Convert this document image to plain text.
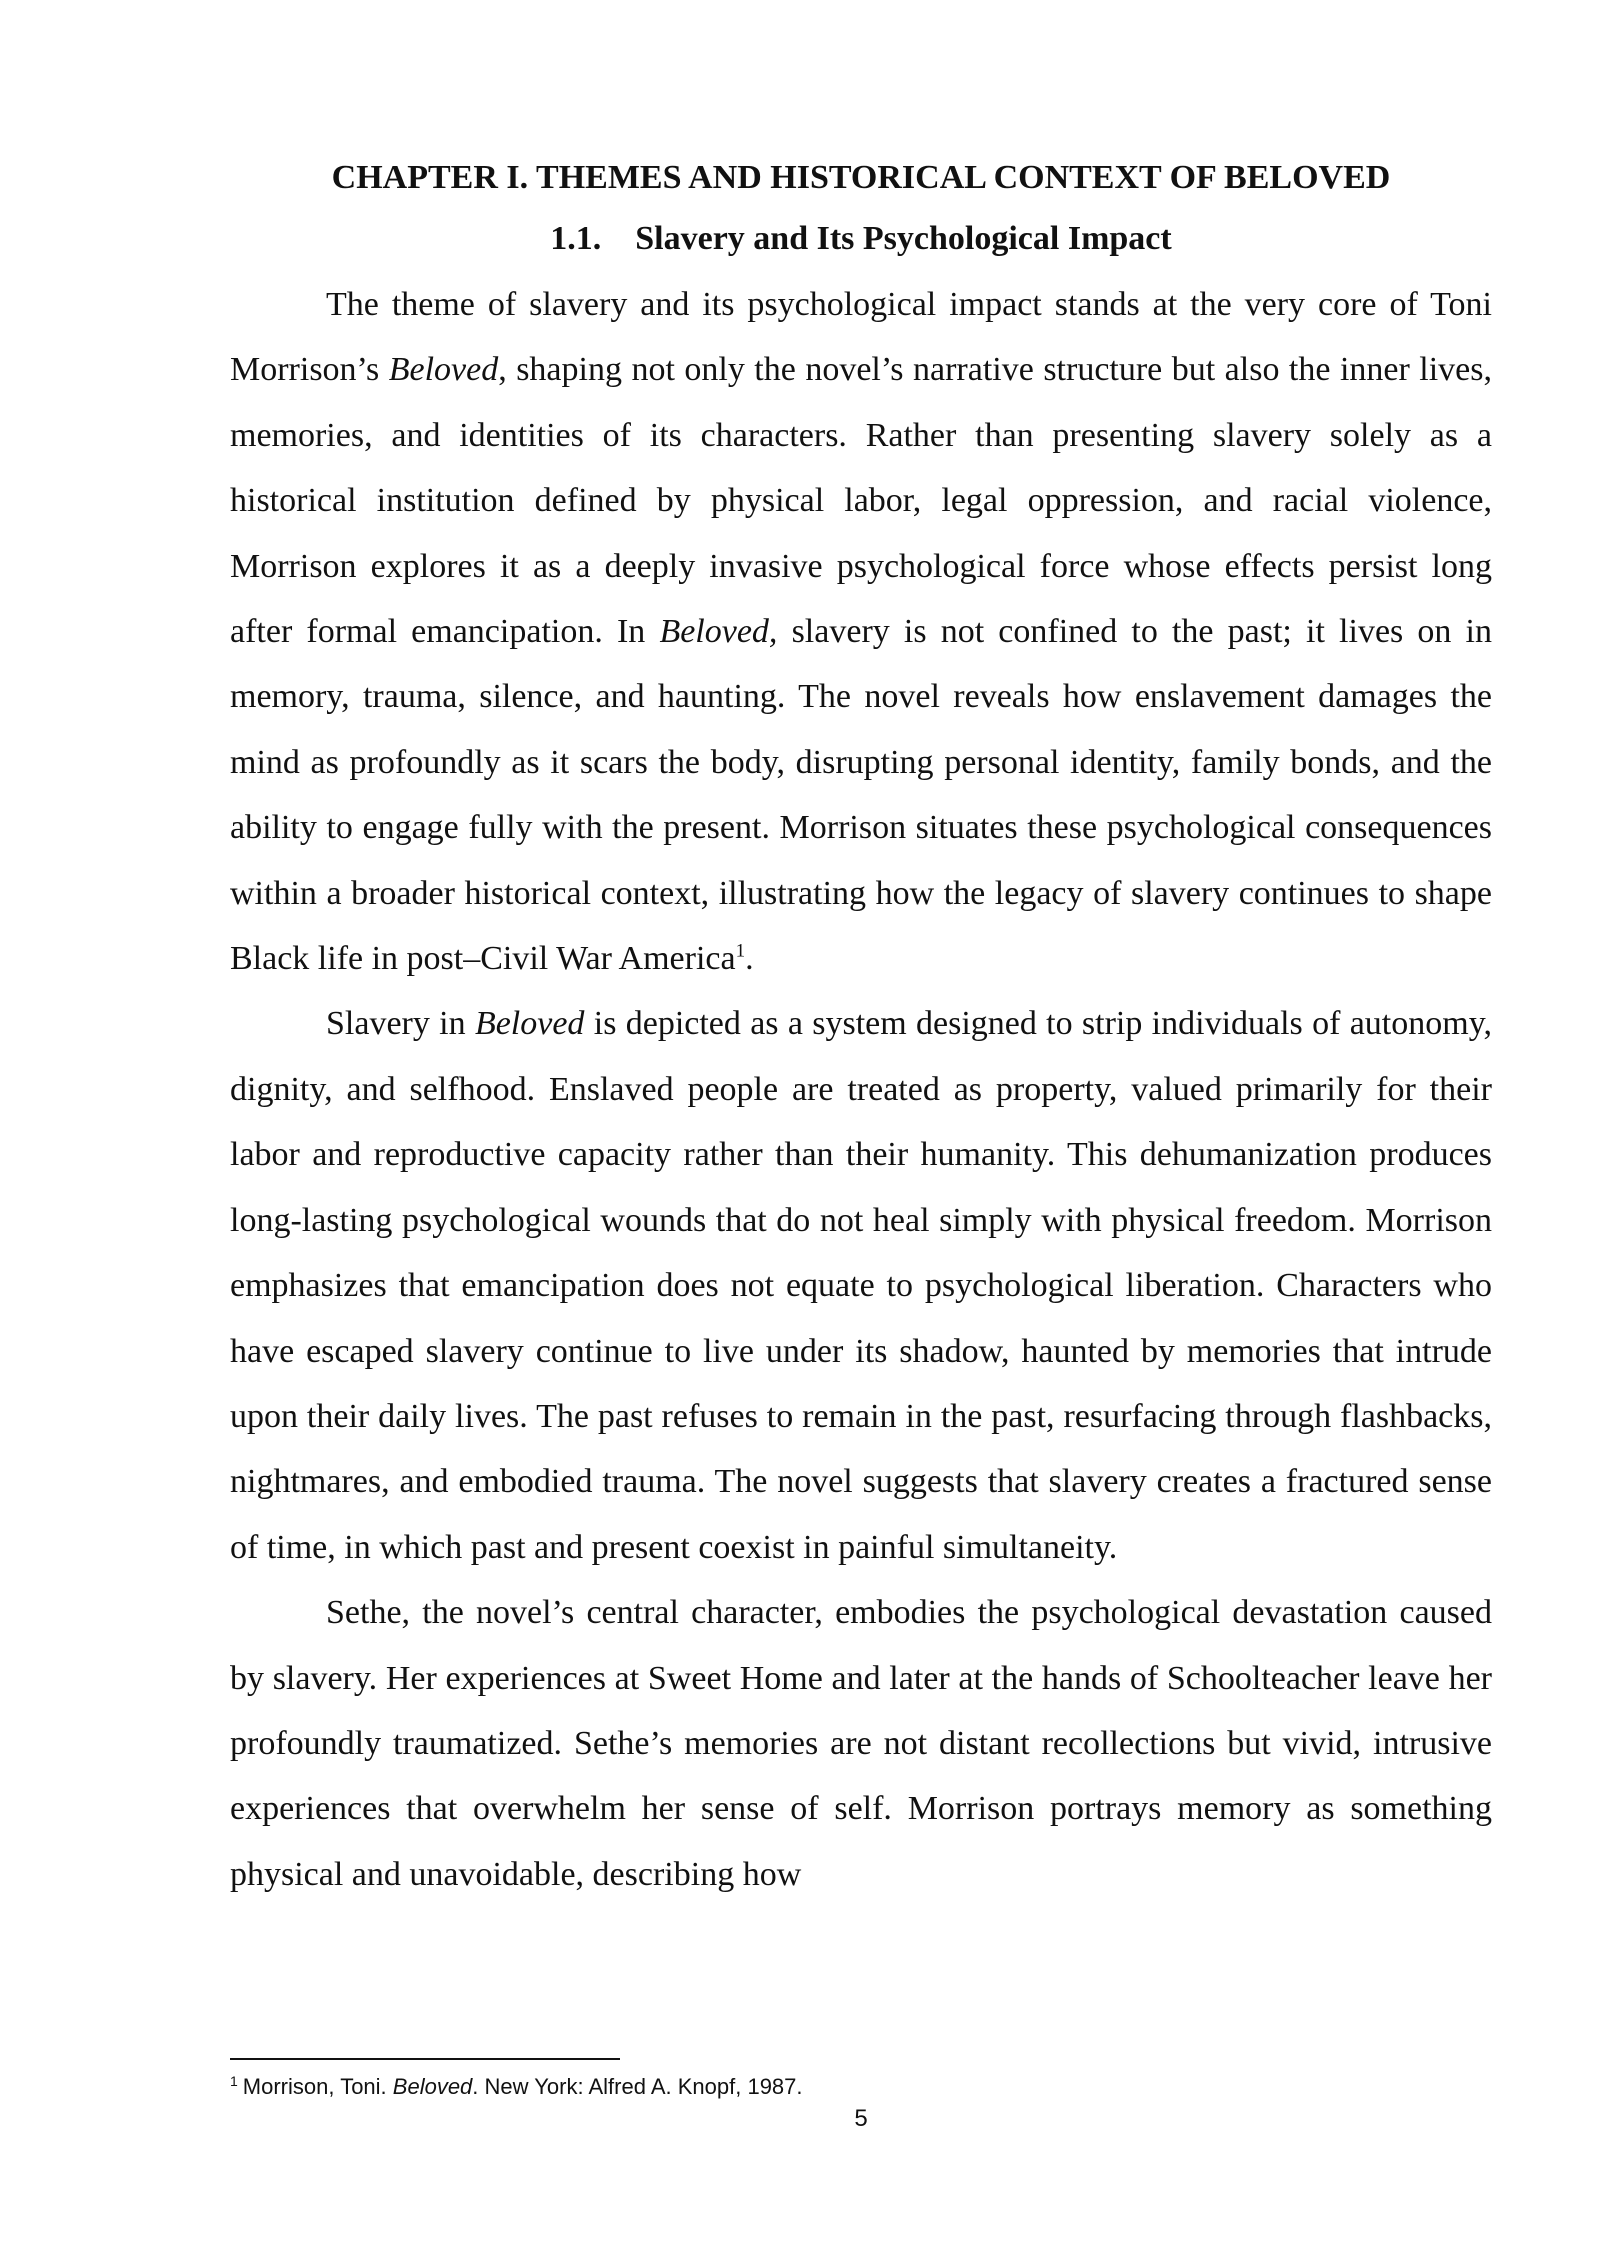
CHAPTER I. THEMES AND HISTORICAL CONTEXT OF BELOVED
1.1. Slavery and Its Psychological Impact

The theme of slavery and its psychological impact stands at the very core of Toni Morrison’s Beloved, shaping not only the novel’s narrative structure but also the inner lives, memories, and identities of its characters. Rather than presenting slavery solely as a historical institution defined by physical labor, legal oppression, and racial violence, Morrison explores it as a deeply invasive psychological force whose effects persist long after formal emancipation. In Beloved, slavery is not confined to the past; it lives on in memory, trauma, silence, and haunting. The novel reveals how enslavement damages the mind as profoundly as it scars the body, disrupting personal identity, family bonds, and the ability to engage fully with the present. Morrison situates these psychological consequences within a broader historical context, illustrating how the legacy of slavery continues to shape Black life in post–Civil War America$^1$.

Slavery in Beloved is depicted as a system designed to strip individuals of autonomy, dignity, and selfhood. Enslaved people are treated as property, valued primarily for their labor and reproductive capacity rather than their humanity. This dehumanization produces long-lasting psychological wounds that do not heal simply with physical freedom. Morrison emphasizes that emancipation does not equate to psychological liberation. Characters who have escaped slavery continue to live under its shadow, haunted by memories that intrude upon their daily lives. The past refuses to remain in the past, resurfacing through flashbacks, nightmares, and embodied trauma. The novel suggests that slavery creates a fractured sense of time, in which past and present coexist in painful simultaneity.

Sethe, the novel’s central character, embodies the psychological devastation caused by slavery. Her experiences at Sweet Home and later at the hands of Schoolteacher leave her profoundly traumatized. Sethe’s memories are not distant recollections but vivid, intrusive experiences that overwhelm her sense of self. Morrison portrays memory as something physical and unavoidable, describing how

$^1$ Morrison, Toni. Beloved. New York: Alfred A. Knopf, 1987.
5
